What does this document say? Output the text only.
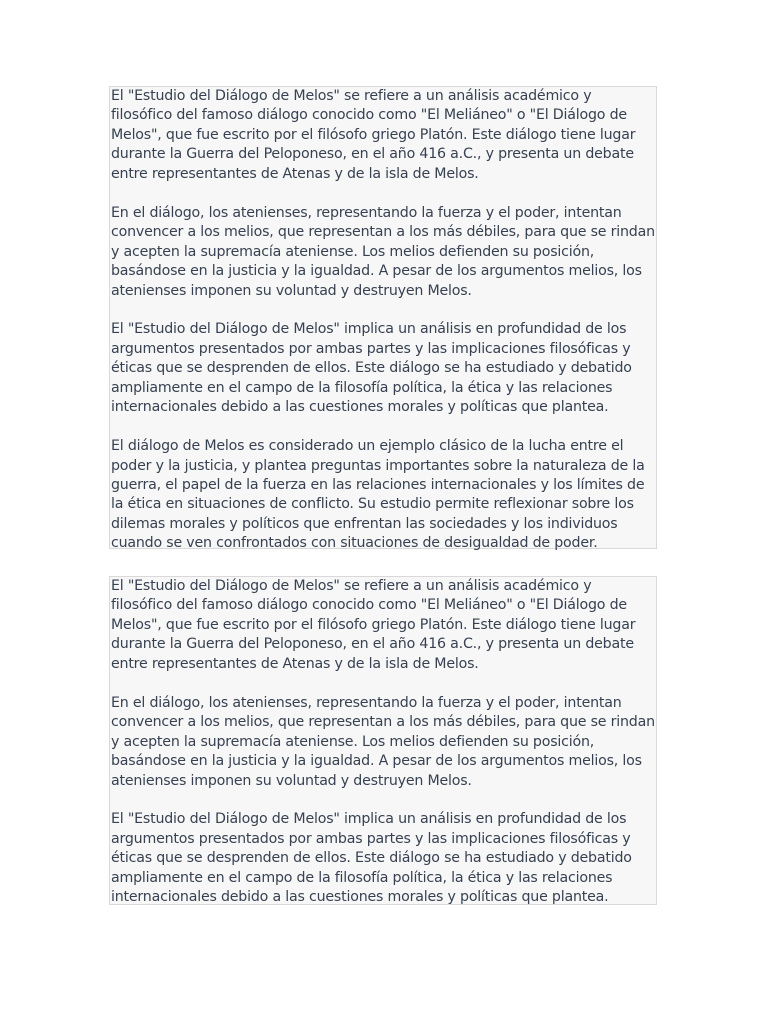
El "Estudio del Diálogo de Melos" se refiere a un análisis académico y filosófico del famoso diálogo conocido como "El Meliáneo" o "El Diálogo de Melos", que fue escrito por el filósofo griego Platón. Este diálogo tiene lugar durante la Guerra del Peloponeso, en el año 416 a.C., y presenta un debate entre representantes de Atenas y de la isla de Melos.

En el diálogo, los atenienses, representando la fuerza y el poder, intentan convencer a los melios, que representan a los más débiles, para que se rindan y acepten la supremacía ateniense. Los melios defienden su posición, basándose en la justicia y la igualdad. A pesar de los argumentos melios, los atenienses imponen su voluntad y destruyen Melos.

El "Estudio del Diálogo de Melos" implica un análisis en profundidad de los argumentos presentados por ambas partes y las implicaciones filosóficas y éticas que se desprenden de ellos. Este diálogo se ha estudiado y debatido ampliamente en el campo de la filosofía política, la ética y las relaciones internacionales debido a las cuestiones morales y políticas que plantea.

El diálogo de Melos es considerado un ejemplo clásico de la lucha entre el poder y la justicia, y plantea preguntas importantes sobre la naturaleza de la guerra, el papel de la fuerza en las relaciones internacionales y los límites de la ética en situaciones de conflicto. Su estudio permite reflexionar sobre los dilemas morales y políticos que enfrentan las sociedades y los individuos cuando se ven confrontados con situaciones de desigualdad de poder.

El "Estudio del Diálogo de Melos" se refiere a un análisis académico y filosófico del famoso diálogo conocido como "El Meliáneo" o "El Diálogo de Melos", que fue escrito por el filósofo griego Platón. Este diálogo tiene lugar durante la Guerra del Peloponeso, en el año 416 a.C., y presenta un debate entre representantes de Atenas y de la isla de Melos.

En el diálogo, los atenienses, representando la fuerza y el poder, intentan convencer a los melios, que representan a los más débiles, para que se rindan y acepten la supremacía ateniense. Los melios defienden su posición, basándose en la justicia y la igualdad. A pesar de los argumentos melios, los atenienses imponen su voluntad y destruyen Melos.

El "Estudio del Diálogo de Melos" implica un análisis en profundidad de los argumentos presentados por ambas partes y las implicaciones filosóficas y éticas que se desprenden de ellos. Este diálogo se ha estudiado y debatido ampliamente en el campo de la filosofía política, la ética y las relaciones internacionales debido a las cuestiones morales y políticas que plantea.
